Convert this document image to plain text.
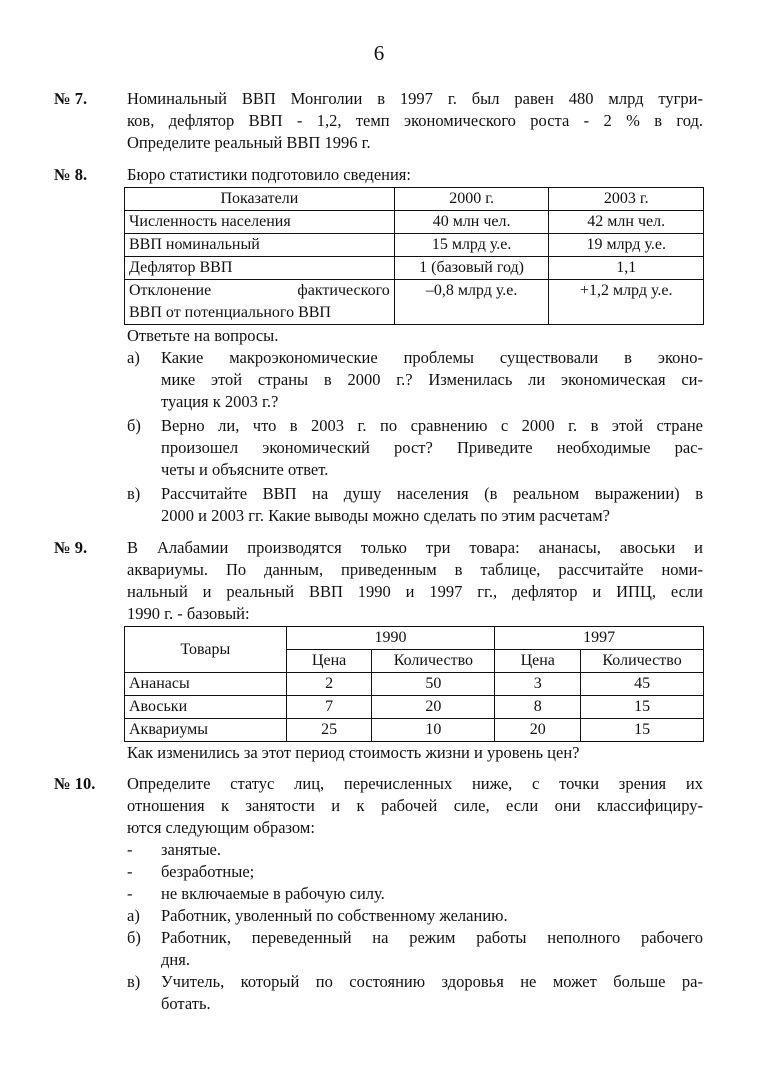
6
№ 7. Номинальный ВВП Монголии в 1997 г. был равен 480 млрд тугри-
ков, дефлятор ВВП - 1,2, темп экономического роста - 2 % в год.
Определите реальный ВВП 1996 г.
№ 8. Бюро статистики подготовило сведения:
Показатели	2000 г.	2003 г.
Численность населения	40 млн чел.	42 млн чел.
ВВП номинальный	15 млрд у.е.	19 млрд у.е.
Дефлятор ВВП	1 (базовый год)	1,1

Отклонение фактического
ВВП от потенциального ВВП	–0,8 млрд у.е.	+1,2 млрд у.е.
Ответьте на вопросы.
а) Какие макроэкономические проблемы существовали в эконо-
мике этой страны в 2000 г.? Изменилась ли экономическая си-
туация к 2003 г.?
б) Верно ли, что в 2003 г. по сравнению с 2000 г. в этой стране
произошел экономический рост? Приведите необходимые рас-
четы и объясните ответ.
в) Рассчитайте ВВП на душу населения (в реальном выражении) в
2000 и 2003 гг. Какие выводы можно сделать по этим расчетам?
№ 9. В Алабамии производятся только три товара: ананасы, авоськи и
аквариумы. По данным, приведенным в таблице, рассчитайте номи-
нальный и реальный ВВП 1990 и 1997 гг., дефлятор и ИПЦ, если
1990 г. - базовый:
Товары	1990		1997	
	Цена	Количество	Цена	Количество
Ананасы	2	50	3	45
Авоськи	7	20	8	15
Аквариумы	25	10	20	15
Как изменились за этот период стоимость жизни и уровень цен?
№ 10. Определите статус лиц, перечисленных ниже, с точки зрения их
отношения к занятости и к рабочей силе, если они классифициру-
ются следующим образом:
- занятые.
- безработные;
- не включаемые в рабочую силу.
а) Работник, уволенный по собственному желанию.
б) Работник, переведенный на режим работы неполного рабочего
дня.
в) Учитель, который по состоянию здоровья не может больше ра-
ботать.
